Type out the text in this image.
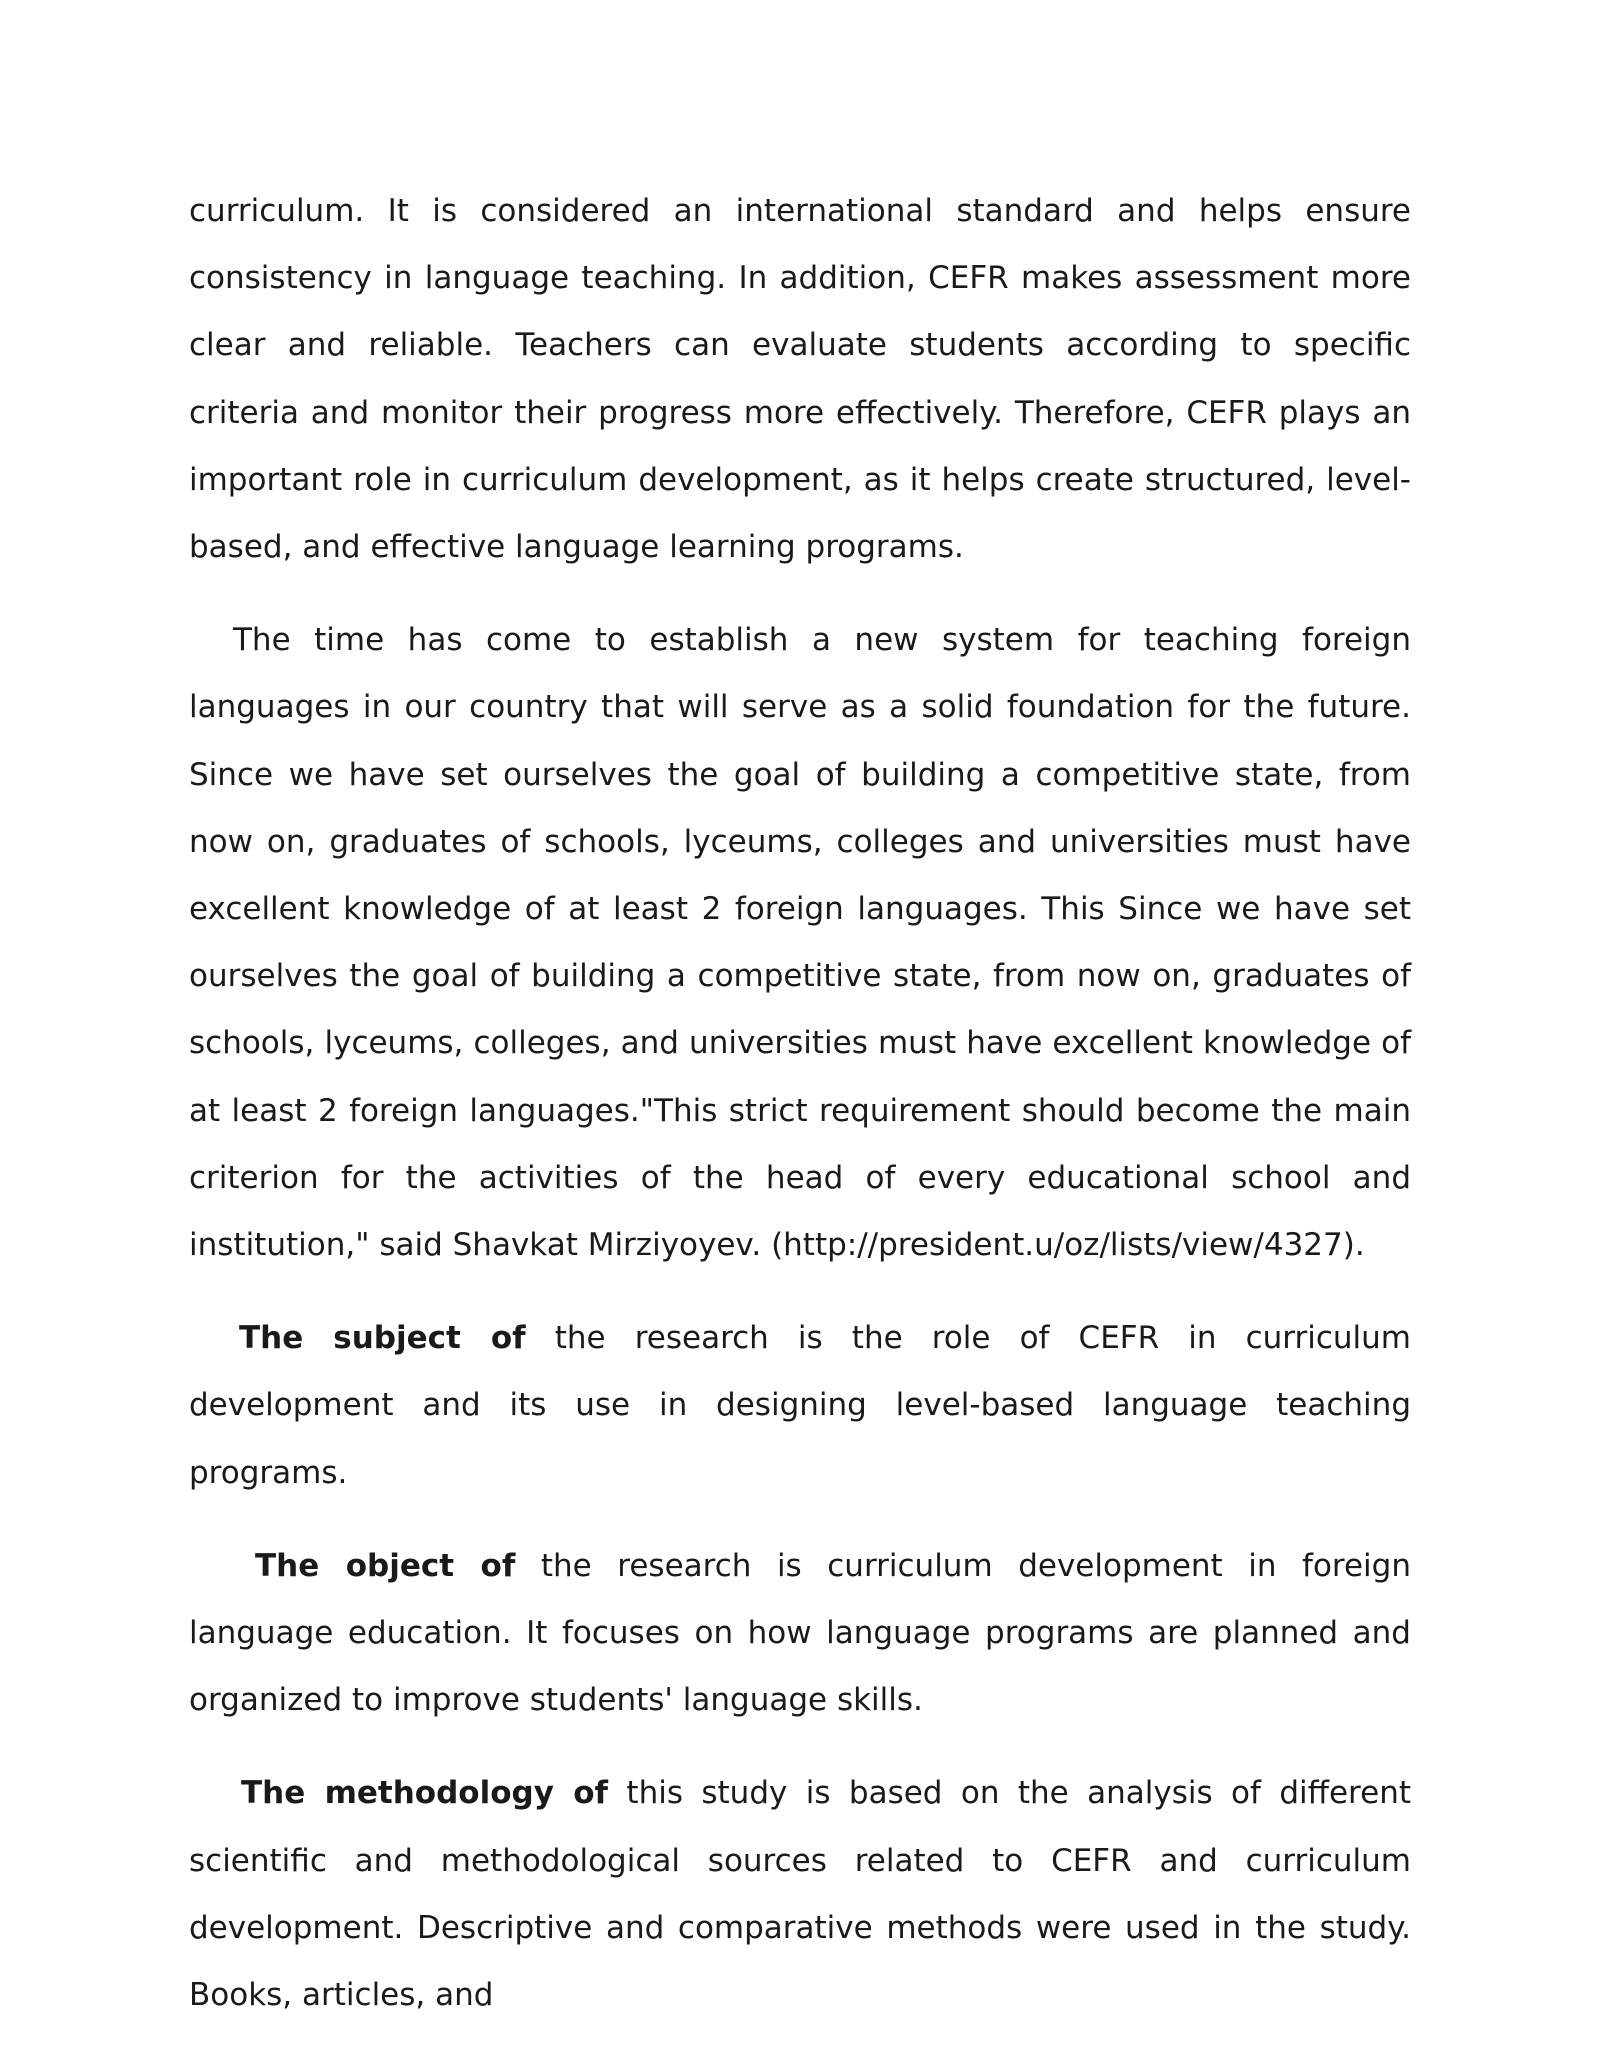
curriculum. It is considered an international standard and helps ensure consistency in language teaching. In addition, CEFR makes assessment more clear and reliable. Teachers can evaluate students according to specific criteria and monitor their progress more effectively. Therefore, CEFR plays an important role in curriculum development, as it helps create structured, level-based, and effective language learning programs.

The time has come to establish a new system for teaching foreign languages in our country that will serve as a solid foundation for the future. Since we have set ourselves the goal of building a competitive state, from now on, graduates of schools, lyceums, colleges and universities must have excellent knowledge of at least 2 foreign languages. This Since we have set ourselves the goal of building a competitive state, from now on, graduates of schools, lyceums, colleges, and universities must have excellent knowledge of at least 2 foreign languages."This strict requirement should become the main criterion for the activities of the head of every educational school and institution," said Shavkat Mirziyoyev. (http://president.u/oz/lists/view/4327).

The subject of the research is the role of CEFR in curriculum development and its use in designing level-based language teaching programs.

The object of the research is curriculum development in foreign language education. It focuses on how language programs are planned and organized to improve students' language skills.

The methodology of this study is based on the analysis of different scientific and methodological sources related to CEFR and curriculum development. Descriptive and comparative methods were used in the study. Books, articles, and
